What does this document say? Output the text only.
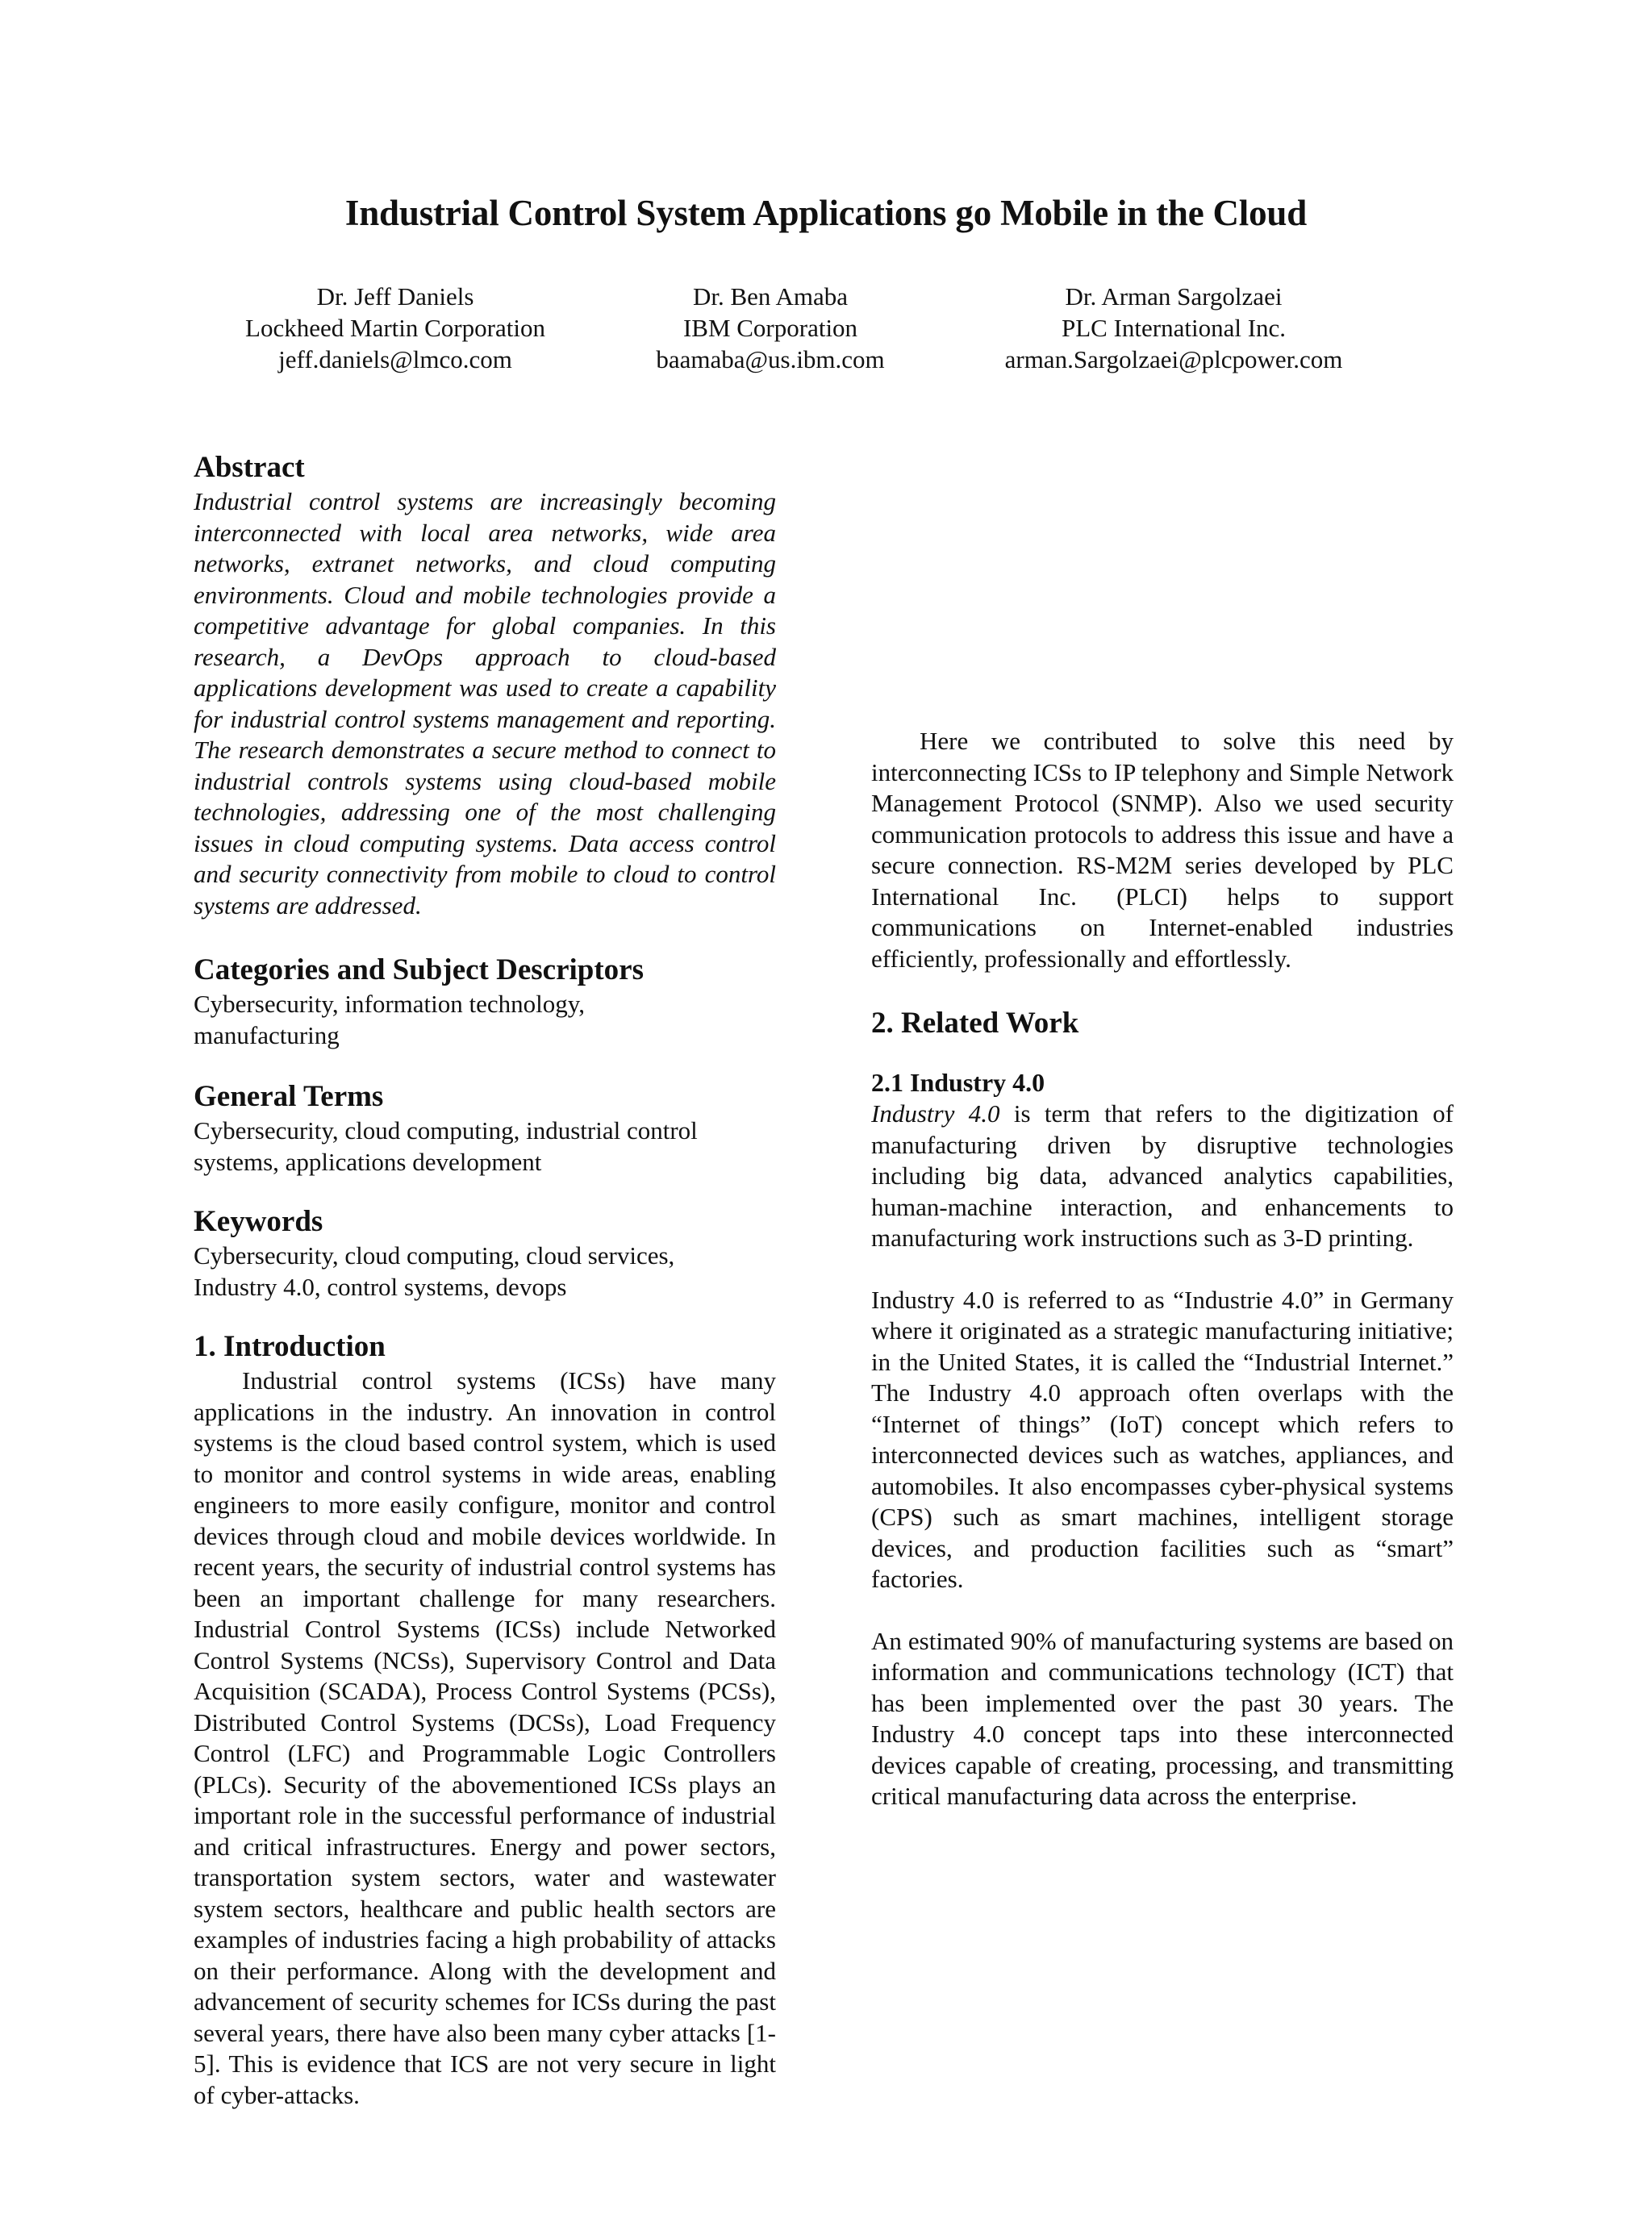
Industrial Control System Applications go Mobile in the Cloud
Dr. Jeff Daniels
Lockheed Martin Corporation
jeff.daniels@lmco.com
Dr. Ben Amaba
IBM Corporation
baamaba@us.ibm.com
Dr. Arman Sargolzaei
PLC International Inc.
arman.Sargolzaei@plcpower.com
Abstract

Industrial control systems are increasingly becoming interconnected with local area networks, wide area networks, extranet networks, and cloud computing environments. Cloud and mobile technologies provide a competitive advantage for global companies. In this research, a DevOps approach to cloud-based applications development was used to create a capability for industrial control systems management and reporting. The research demonstrates a secure method to connect to industrial controls systems using cloud-based mobile technologies, addressing one of the most challenging issues in cloud computing systems. Data access control and security connectivity from mobile to cloud to control systems are addressed.

Categories and Subject Descriptors
Cybersecurity, information technology,
manufacturing
General Terms
Cybersecurity, cloud computing, industrial control
systems, applications development
Keywords
Cybersecurity, cloud computing, cloud services,
Industry 4.0, control systems, devops
1. Introduction

Industrial control systems (ICSs) have many applications in the industry. An innovation in control systems is the cloud based control system, which is used to monitor and control systems in wide areas, enabling engineers to more easily configure, monitor and control devices through cloud and mobile devices worldwide. In recent years, the security of industrial control systems has been an important challenge for many researchers. Industrial Control Systems (ICSs) include Networked Control Systems (NCSs), Supervisory Control and Data Acquisition (SCADA), Process Control Systems (PCSs), Distributed Control Systems (DCSs), Load Frequency Control (LFC) and Programmable Logic Controllers (PLCs). Security of the abovementioned ICSs plays an important role in the successful performance of industrial and critical infrastructures. Energy and power sectors, transportation system sectors, water and wastewater system sectors, healthcare and public health sectors are examples of industries facing a high probability of attacks on their performance. Along with the development and advancement of security schemes for ICSs during the past several years, there have also been many cyber attacks [1-5]. This is evidence that ICS are not very secure in light of cyber-attacks.

Here we contributed to solve this need by interconnecting ICSs to IP telephony and Simple Network Management Protocol (SNMP). Also we used security communication protocols to address this issue and have a secure connection. RS-M2M series developed by PLC International Inc. (PLCI) helps to support communications on Internet-enabled industries efficiently, professionally and effortlessly.

2. Related Work
2.1 Industry 4.0

Industry 4.0 is term that refers to the digitization of manufacturing driven by disruptive technologies including big data, advanced analytics capabilities, human-machine interaction, and enhancements to manufacturing work instructions such as 3-D printing.

Industry 4.0 is referred to as “Industrie 4.0” in Germany where it originated as a strategic manufacturing initiative; in the United States, it is called the “Industrial Internet.” The Industry 4.0 approach often overlaps with the “Internet of things” (IoT) concept which refers to interconnected devices such as watches, appliances, and automobiles. It also encompasses cyber-physical systems (CPS) such as smart machines, intelligent storage devices, and production facilities such as “smart” factories.

An estimated 90% of manufacturing systems are based on information and communications technology (ICT) that has been implemented over the past 30 years. The Industry 4.0 concept taps into these interconnected devices capable of creating, processing, and transmitting critical manufacturing data across the enterprise.
